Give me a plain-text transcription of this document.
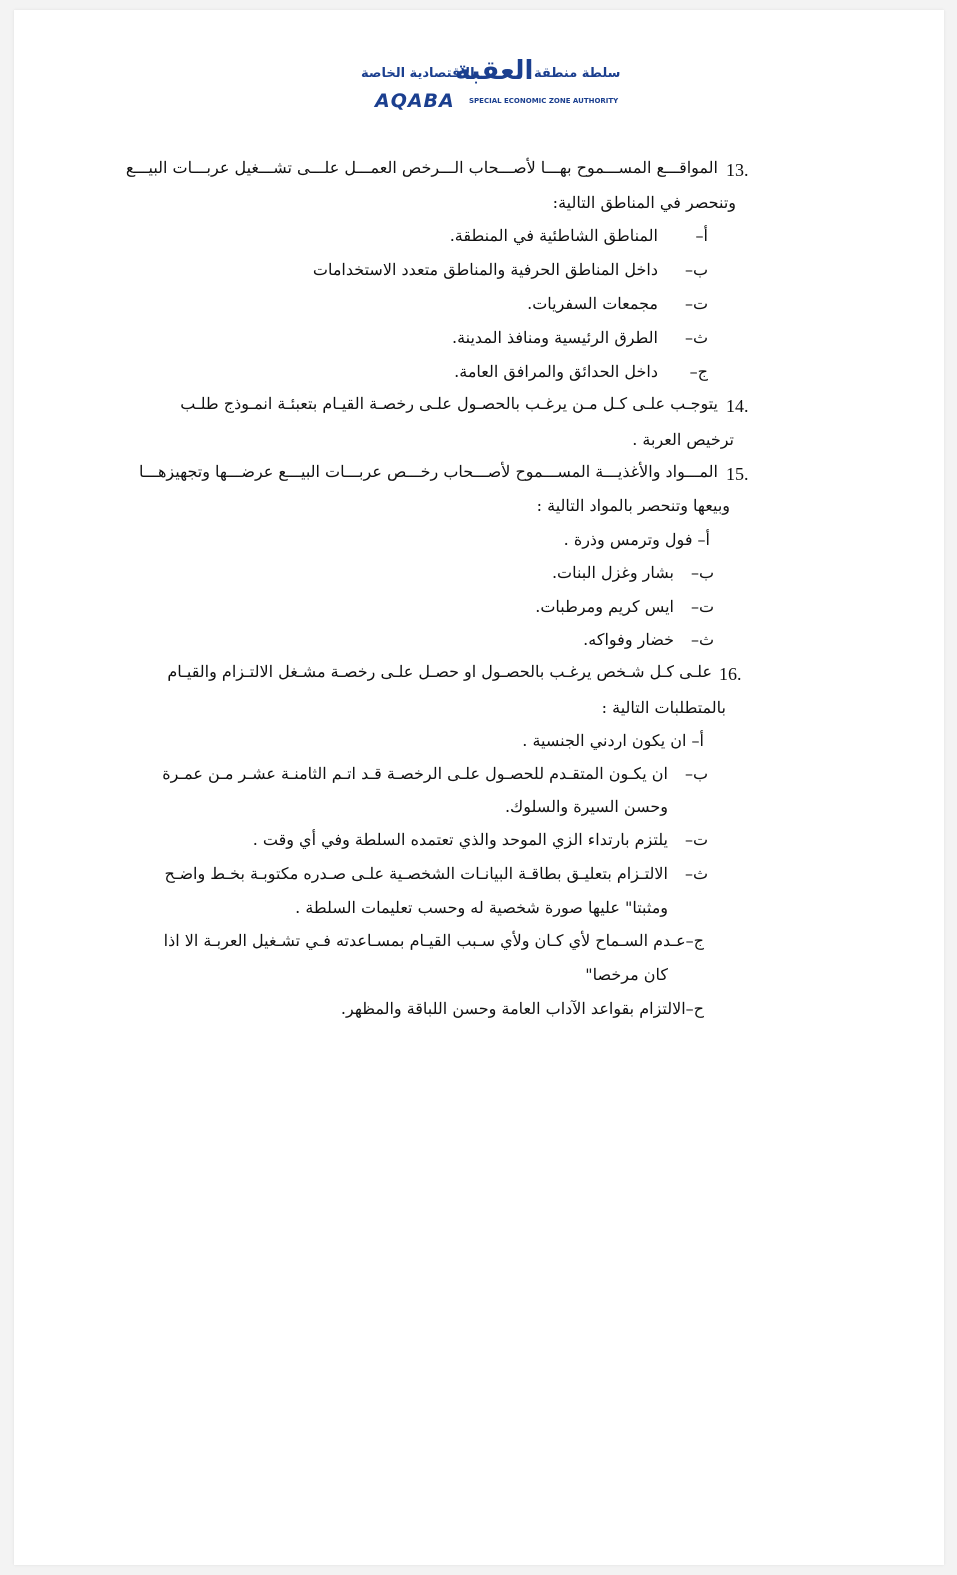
سلطة منطقة
العقبة
الاقتصادية الخاصة
AQABA SPECIAL ECONOMIC ZONE AUTHORITY
13.
المواقـــع المســـموح بهـــا لأصـــحاب الـــرخص العمـــل علـــى تشـــغيل عربـــات البيـــع
وتنحصر في المناطق التالية:
أ–
المناطق الشاطئية في المنطقة.
ب–
داخل المناطق الحرفية والمناطق متعدد الاستخدامات
ت–
مجمعات السفريات.
ث–
الطرق الرئيسية ومنافذ المدينة.
ج–
داخل الحدائق والمرافق العامة.
14.
يتوجـب علـى كـل مـن يرغـب بالحصـول علـى رخصـة القيـام بتعبئـة انمـوذج طلـب
ترخيص العربة .
15.
المـــواد والأغذيـــة المســـموح لأصـــحاب رخـــص عربـــات البيـــع عرضـــها وتجهيزهـــا
وبيعها وتنحصر بالمواد التالية :
أ– فول وترمس وذرة .
ب–
بشار وغزل البنات.
ت–
ايس كريم ومرطبات.
ث–
خضار وفواكه.
16.
علـى كـل شـخص يرغـب بالحصـول او حصـل علـى رخصـة مشـغل الالتـزام والقيـام
بالمتطلبات التالية :
أ– ان يكون اردني الجنسية .
ب–
ان يكـون المتقـدم للحصـول علـى الرخصـة قـد اتـم الثامنـة عشـر مـن عمـرة
وحسن السيرة والسلوك.
ت–
يلتزم بارتداء الزي الموحد والذي تعتمده السلطة وفي أي وقت .
ث–
الالتـزام بتعليـق بطاقـة البيانـات الشخصـية علـى صـدره مكتوبـة بخـط واضـح
ومثبتا" عليها صورة شخصية له وحسب تعليمات السلطة .
ج–عـدم السـماح لأي كـان ولأي سـبب القيـام بمسـاعدته فـي تشـغيل العربـة الا اذا
كان مرخصا"
ح–الالتزام بقواعد الآداب العامة وحسن اللباقة والمظهر.
